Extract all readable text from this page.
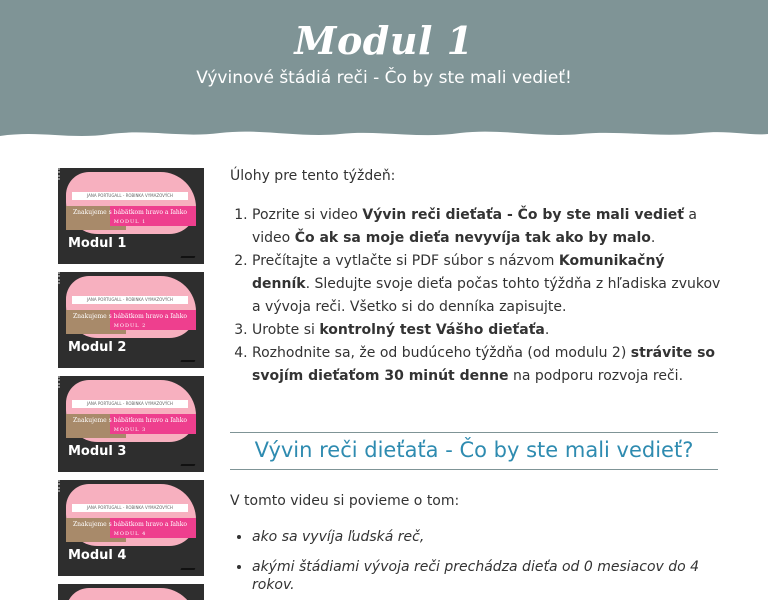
Modul 1
Vývinové štádiá reči - Čo by ste mali vedieť!
JANA PORTUGALL - ROBINKA VYMAZOVÝCH
Znakujeme s bábätkom hravo a ľahko
MODUL 1
Modul 1
JANA PORTUGALL - ROBINKA VYMAZOVÝCH
Znakujeme s bábätkom hravo a ľahko
MODUL 2
Modul 2
JANA PORTUGALL - ROBINKA VYMAZOVÝCH
Znakujeme s bábätkom hravo a ľahko
MODUL 3
Modul 3
JANA PORTUGALL - ROBINKA VYMAZOVÝCH
Znakujeme s bábätkom hravo a ľahko
MODUL 4
Modul 4
Úlohy pre tento týždeň:
1. Pozrite si video Vývin reči dieťaťa - Čo by ste mali vedieť a video Čo ak sa moje dieťa nevyvíja tak ako by malo.
2. Prečítajte a vytlačte si PDF súbor s názvom Komunikačný denník. Sledujte svoje dieťa počas tohto týždňa z hľadiska zvukov a vývoja reči. Všetko si do denníka zapisujte.
3. Urobte si kontrolný test Vášho dieťaťa.
4. Rozhodnite sa, že od budúceho týždňa (od modulu 2) strávite so svojím dieťaťom 30 minút denne na podporu rozvoja reči.
Vývin reči dieťaťa - Čo by ste mali vedieť?
V tomto videu si povieme o tom:
• ako sa vyvíja ľudská reč,
• akými štádiami vývoja reči prechádza dieťa od 0 mesiacov do 4 rokov.
